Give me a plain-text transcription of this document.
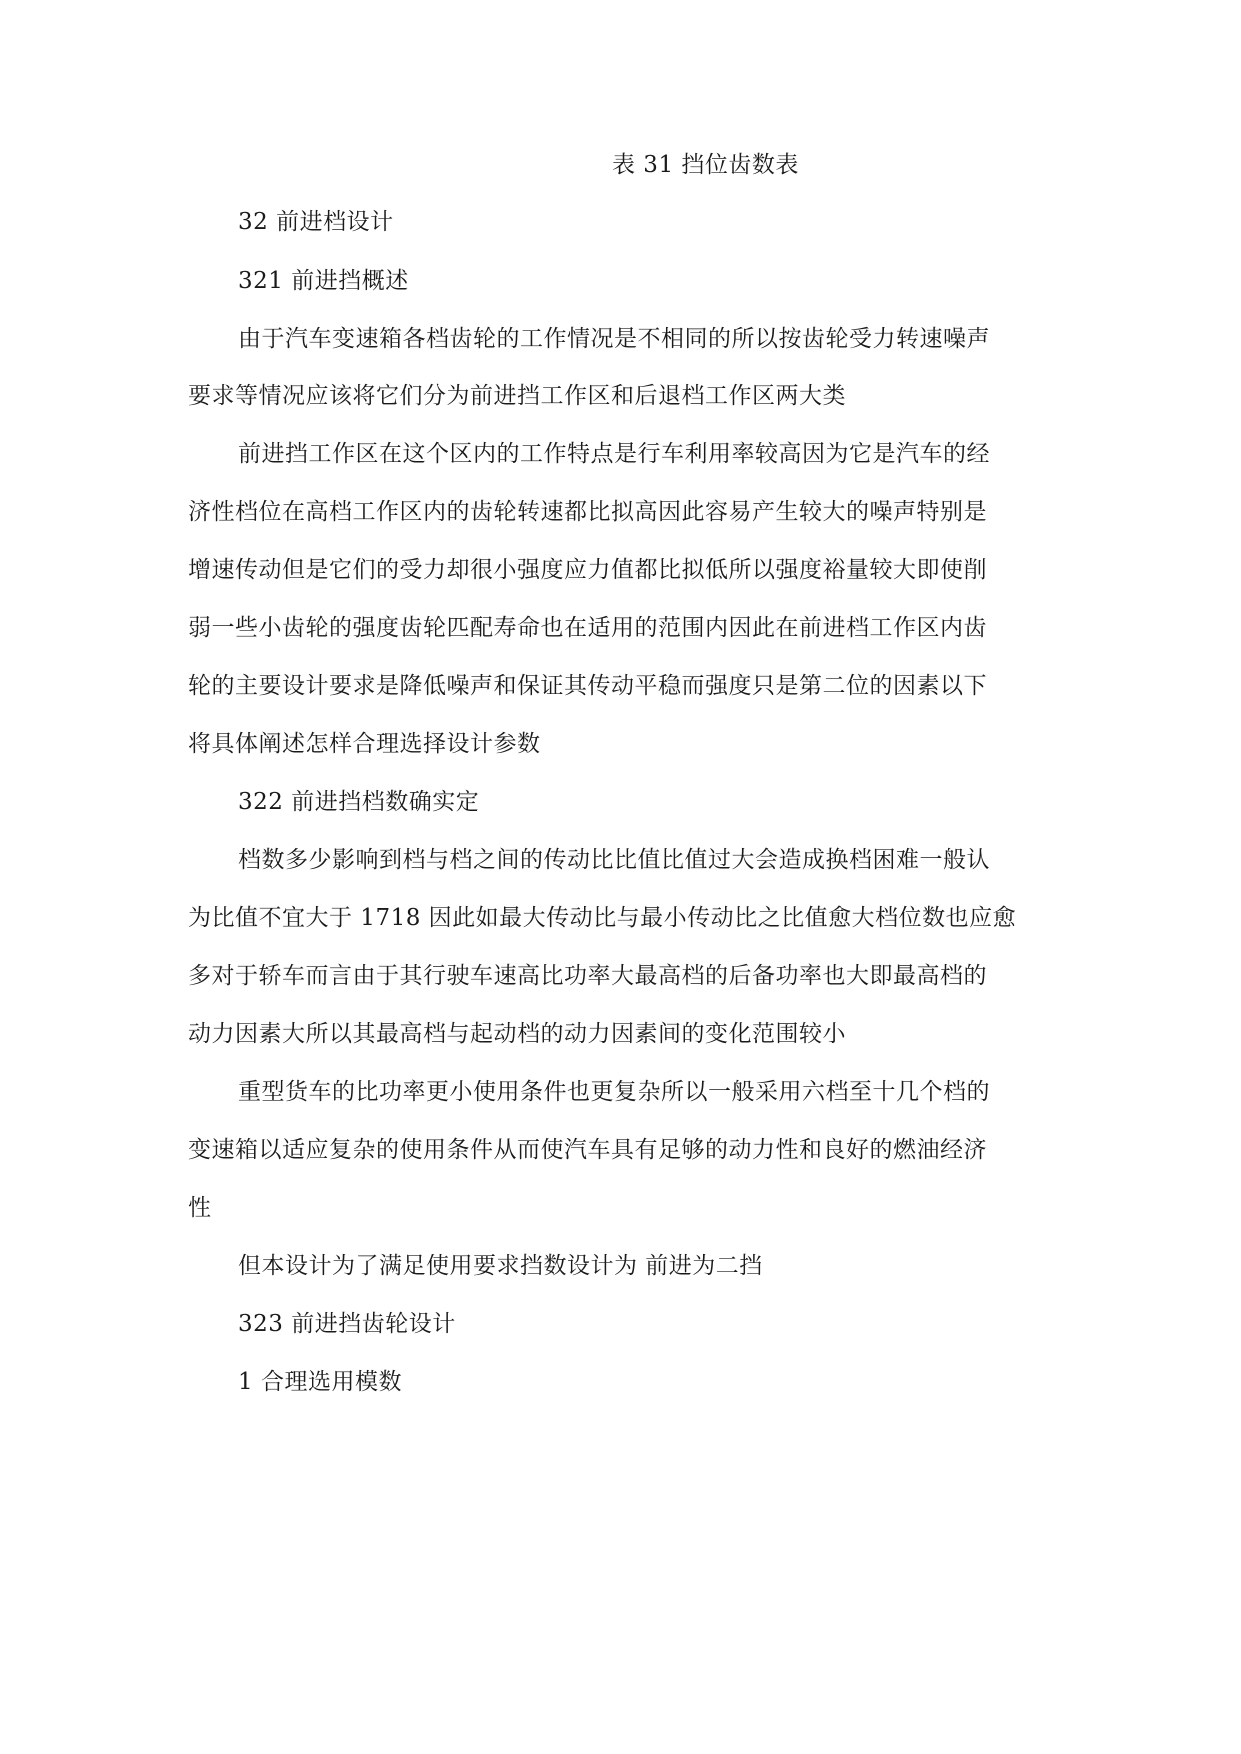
表 31 挡位齿数表
32 前进档设计
321 前进挡概述
由于汽车变速箱各档齿轮的工作情况是不相同的所以按齿轮受力转速噪声
要求等情况应该将它们分为前进挡工作区和后退档工作区两大类
前进挡工作区在这个区内的工作特点是行车利用率较高因为它是汽车的经
济性档位在高档工作区内的齿轮转速都比拟高因此容易产生较大的噪声特别是
增速传动但是它们的受力却很小强度应力值都比拟低所以强度裕量较大即使削
弱一些小齿轮的强度齿轮匹配寿命也在适用的范围内因此在前进档工作区内齿
轮的主要设计要求是降低噪声和保证其传动平稳而强度只是第二位的因素以下
将具体阐述怎样合理选择设计参数
322 前进挡档数确实定
档数多少影响到档与档之间的传动比比值比值过大会造成换档困难一般认
为比值不宜大于 1718 因此如最大传动比与最小传动比之比值愈大档位数也应愈
多对于轿车而言由于其行驶车速高比功率大最高档的后备功率也大即最高档的
动力因素大所以其最高档与起动档的动力因素间的变化范围较小
重型货车的比功率更小使用条件也更复杂所以一般采用六档至十几个档的
变速箱以适应复杂的使用条件从而使汽车具有足够的动力性和良好的燃油经济
性
但本设计为了满足使用要求挡数设计为 前进为二挡
323 前进挡齿轮设计
1 合理选用模数
